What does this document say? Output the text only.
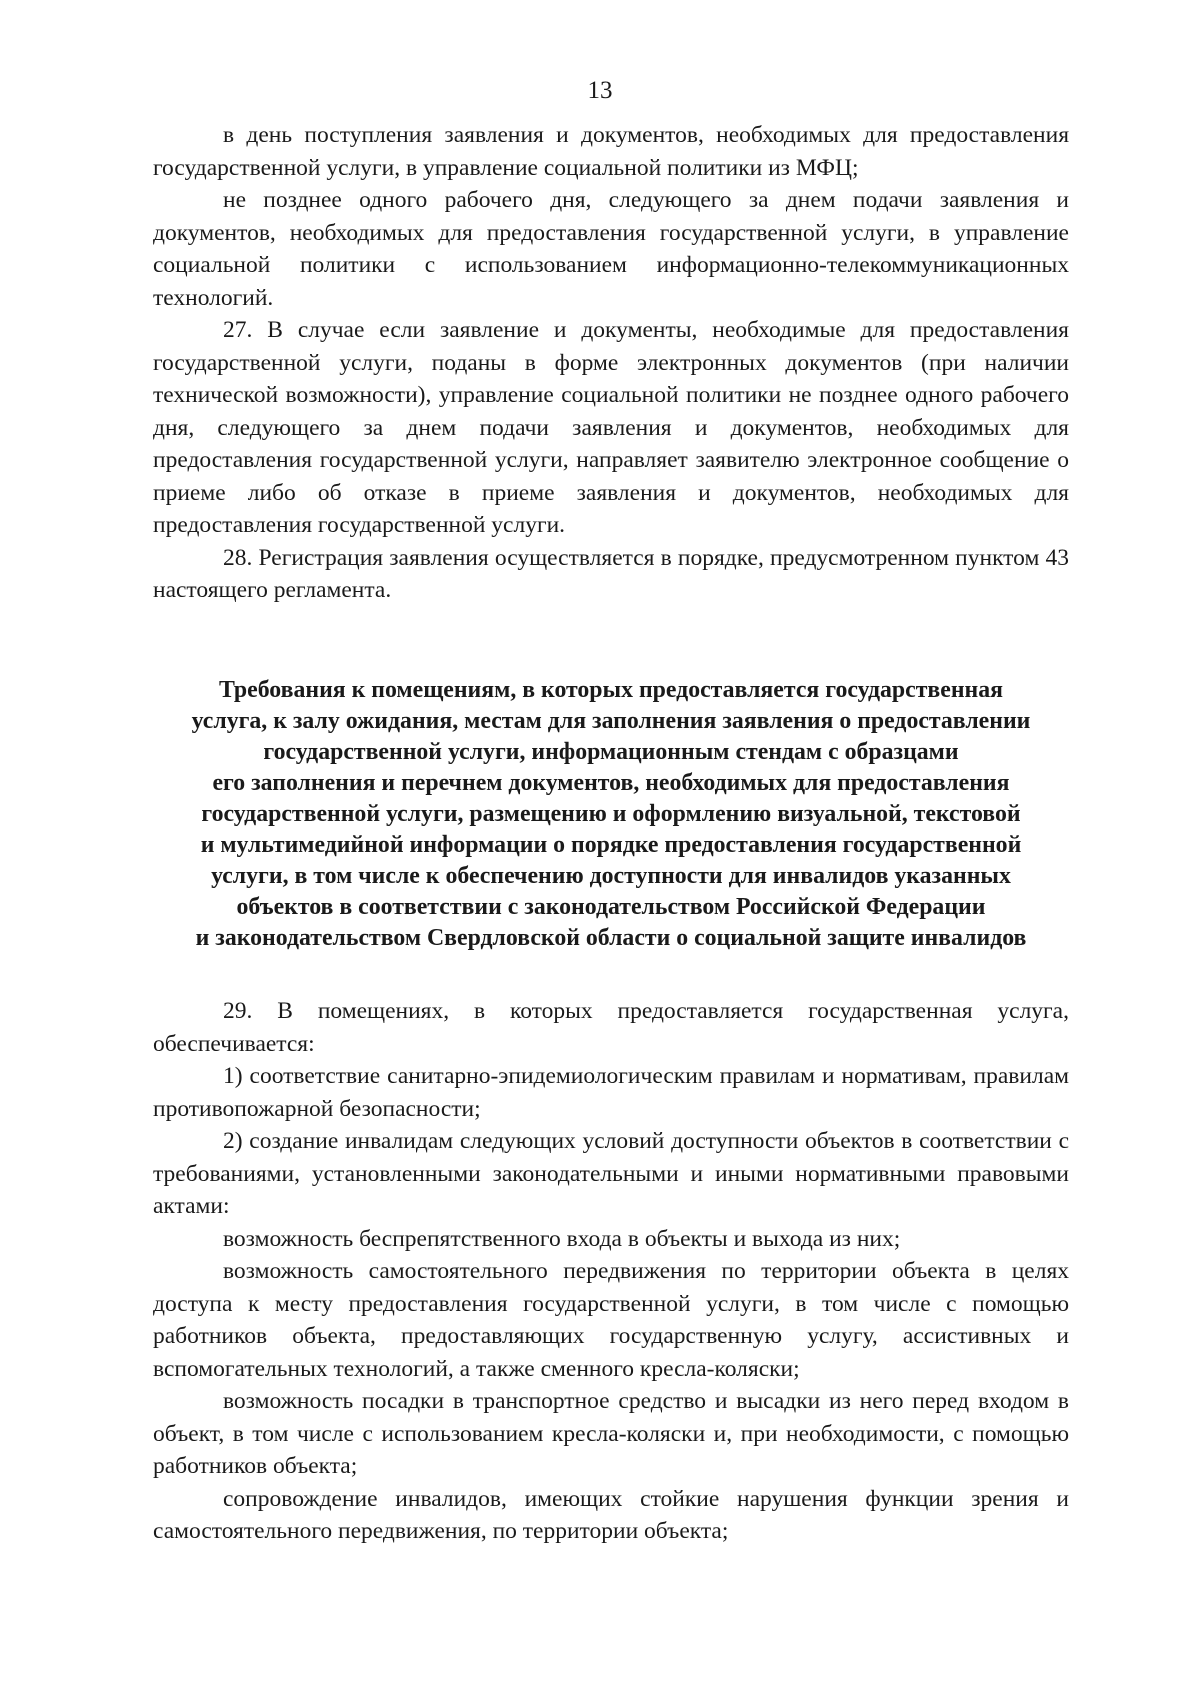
13

в день поступления заявления и документов, необходимых для предоставления государственной услуги, в управление социальной политики из МФЦ;

не позднее одного рабочего дня, следующего за днем подачи заявления и документов, необходимых для предоставления государственной услуги, в управление социальной политики с использованием информационно-телекоммуникационных технологий.

27. В случае если заявление и документы, необходимые для предоставления государственной услуги, поданы в форме электронных документов (при наличии технической возможности), управление социальной политики не позднее одного рабочего дня, следующего за днем подачи заявления и документов, необходимых для предоставления государственной услуги, направляет заявителю электронное сообщение о приеме либо об отказе в приеме заявления и документов, необходимых для предоставления государственной услуги.

28. Регистрация заявления осуществляется в порядке, предусмотренном пунктом 43 настоящего регламента.

Требования к помещениям, в которых предоставляется государственная
услуга, к залу ожидания, местам для заполнения заявления о предоставлении
государственной услуги, информационным стендам с образцами
его заполнения и перечнем документов, необходимых для предоставления
государственной услуги, размещению и оформлению визуальной, текстовой
и мультимедийной информации о порядке предоставления государственной
услуги, в том числе к обеспечению доступности для инвалидов указанных
объектов в соответствии с законодательством Российской Федерации
и законодательством Свердловской области о социальной защите инвалидов

29. В помещениях, в которых предоставляется государственная услуга, обеспечивается:

1) соответствие санитарно-эпидемиологическим правилам и нормативам, правилам противопожарной безопасности;

2) создание инвалидам следующих условий доступности объектов в соответствии с требованиями, установленными законодательными и иными нормативными правовыми актами:

возможность беспрепятственного входа в объекты и выхода из них;

возможность самостоятельного передвижения по территории объекта в целях доступа к месту предоставления государственной услуги, в том числе с помощью работников объекта, предоставляющих государственную услугу, ассистивных и вспомогательных технологий, а также сменного кресла-коляски;

возможность посадки в транспортное средство и высадки из него перед входом в объект, в том числе с использованием кресла-коляски и, при необходимости, с помощью работников объекта;

сопровождение инвалидов, имеющих стойкие нарушения функции зрения и самостоятельного передвижения, по территории объекта;
